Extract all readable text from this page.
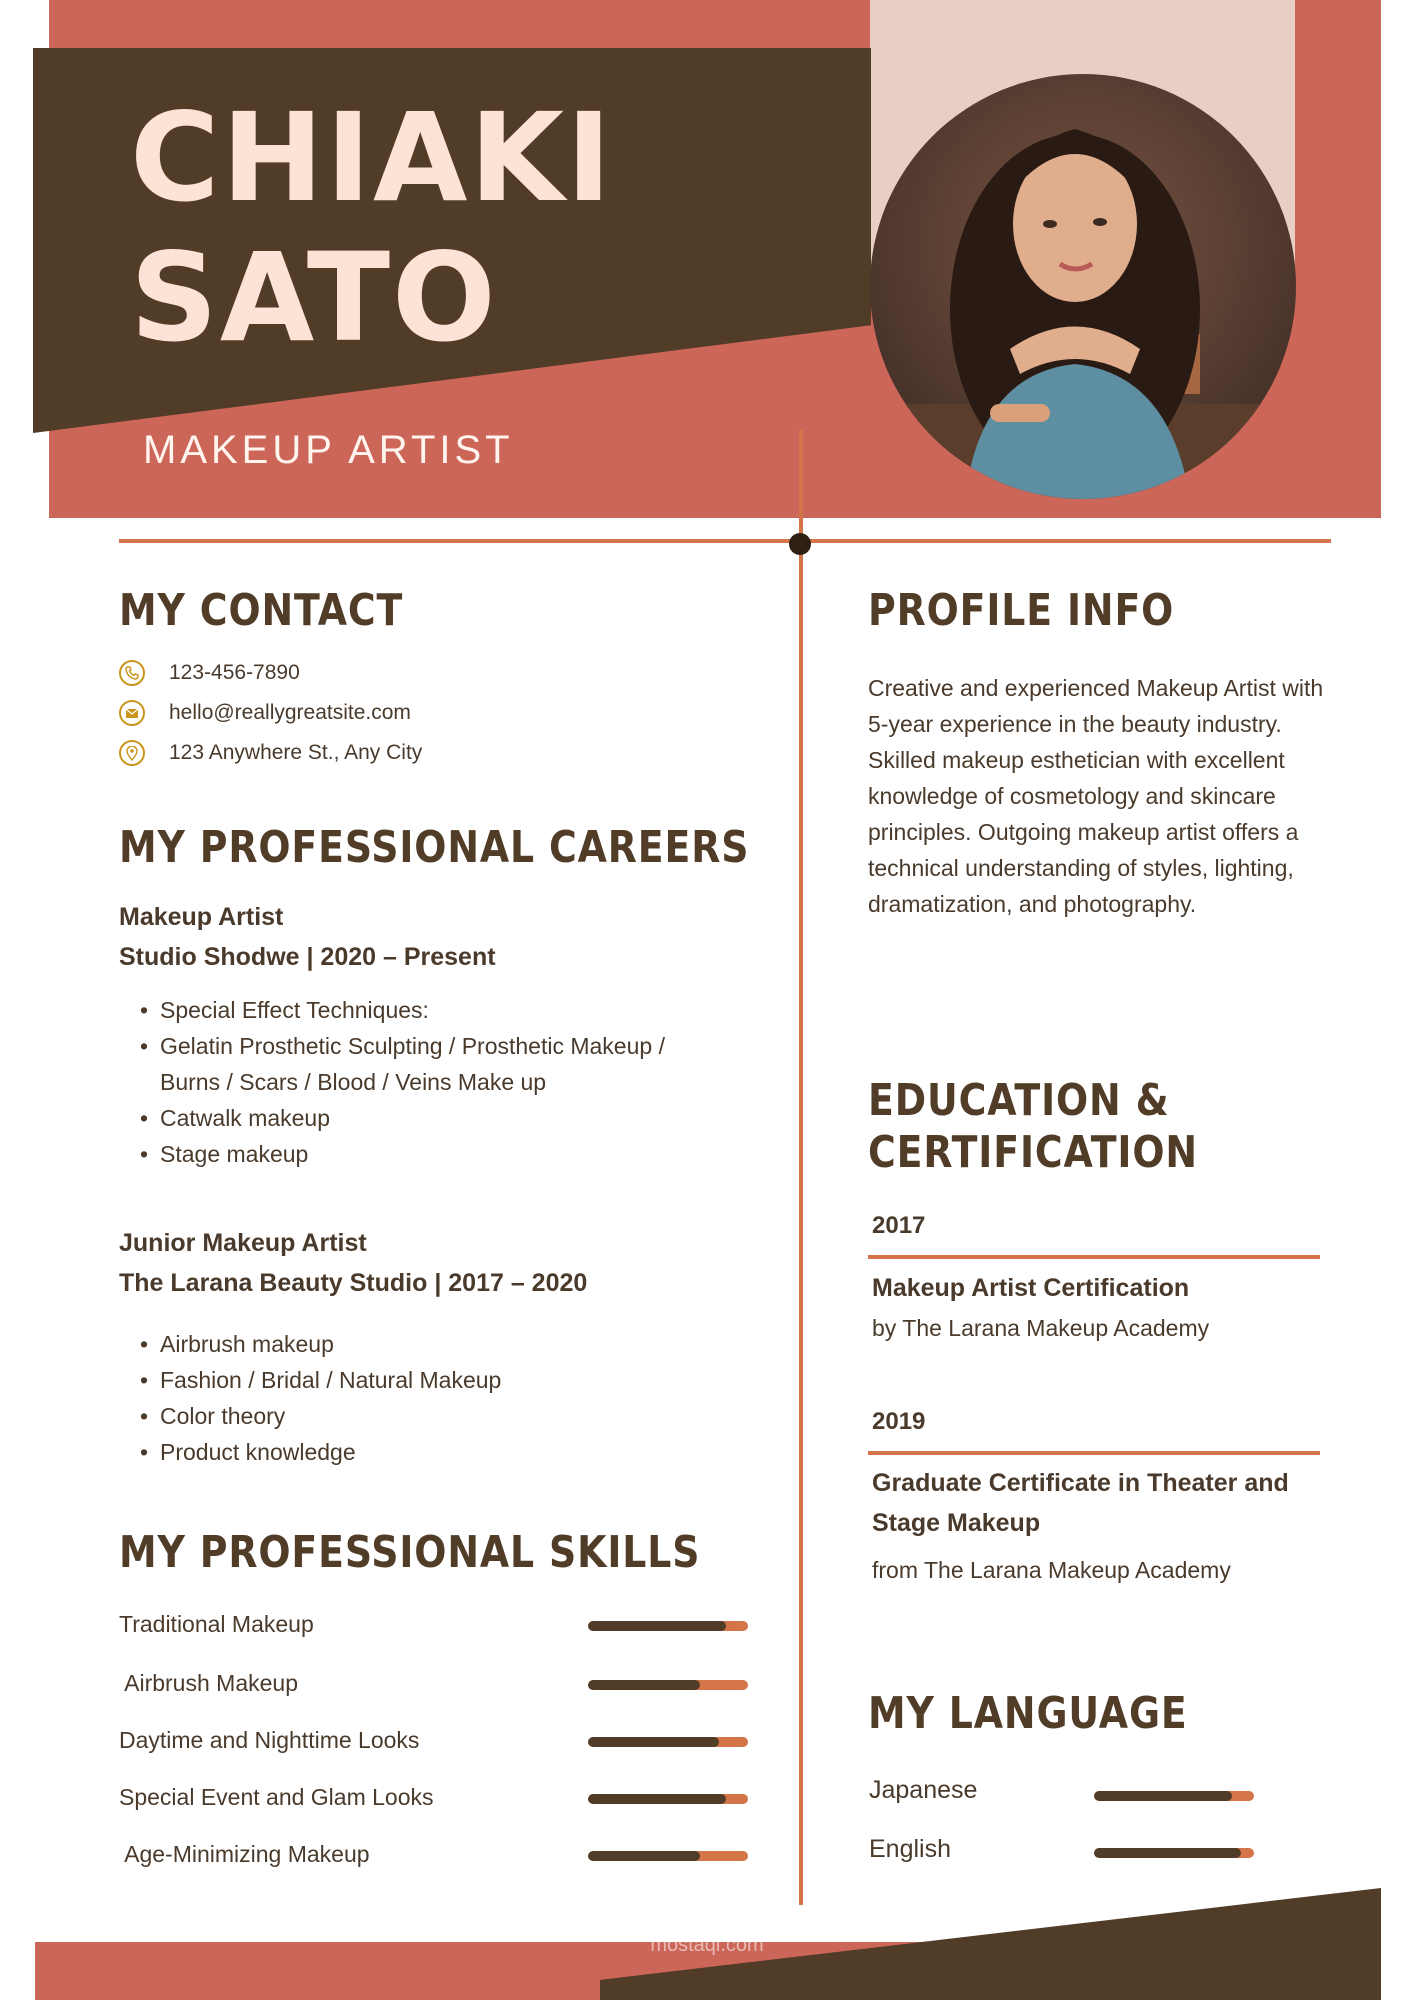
CHIAKI
SATO

MAKEUP ARTIST

MY CONTACT
123-456-7890
hello@reallygreatsite.com
123 Anywhere St., Any City
MY PROFESSIONAL CAREERS

Makeup Artist
Studio Shodwe | 2020 – Present

• Special Effect Techniques:
• Gelatin Prosthetic Sculpting / Prosthetic Makeup / Burns / Scars / Blood / Veins Make up
• Catwalk makeup
• Stage makeup

Junior Makeup Artist
The Larana Beauty Studio | 2017 – 2020

• Airbrush makeup
• Fashion / Bridal / Natural Makeup
• Color theory
• Product knowledge
MY PROFESSIONAL SKILLS
Traditional Makeup
Airbrush Makeup
Daytime and Nighttime Looks
Special Event and Glam Looks
Age-Minimizing Makeup
PROFILE INFO

Creative and experienced Makeup Artist with 5-year experience in the beauty industry. Skilled makeup esthetician with excellent knowledge of cosmetology and skincare principles. Outgoing makeup artist offers a technical understanding of styles, lighting, dramatization, and photography.

EDUCATION &
CERTIFICATION
2017

Makeup Artist Certification

by The Larana Makeup Academy
2019

Graduate Certificate in Theater and Stage Makeup

from The Larana Makeup Academy
MY LANGUAGE
Japanese
English
مستقل
mostaql.com
